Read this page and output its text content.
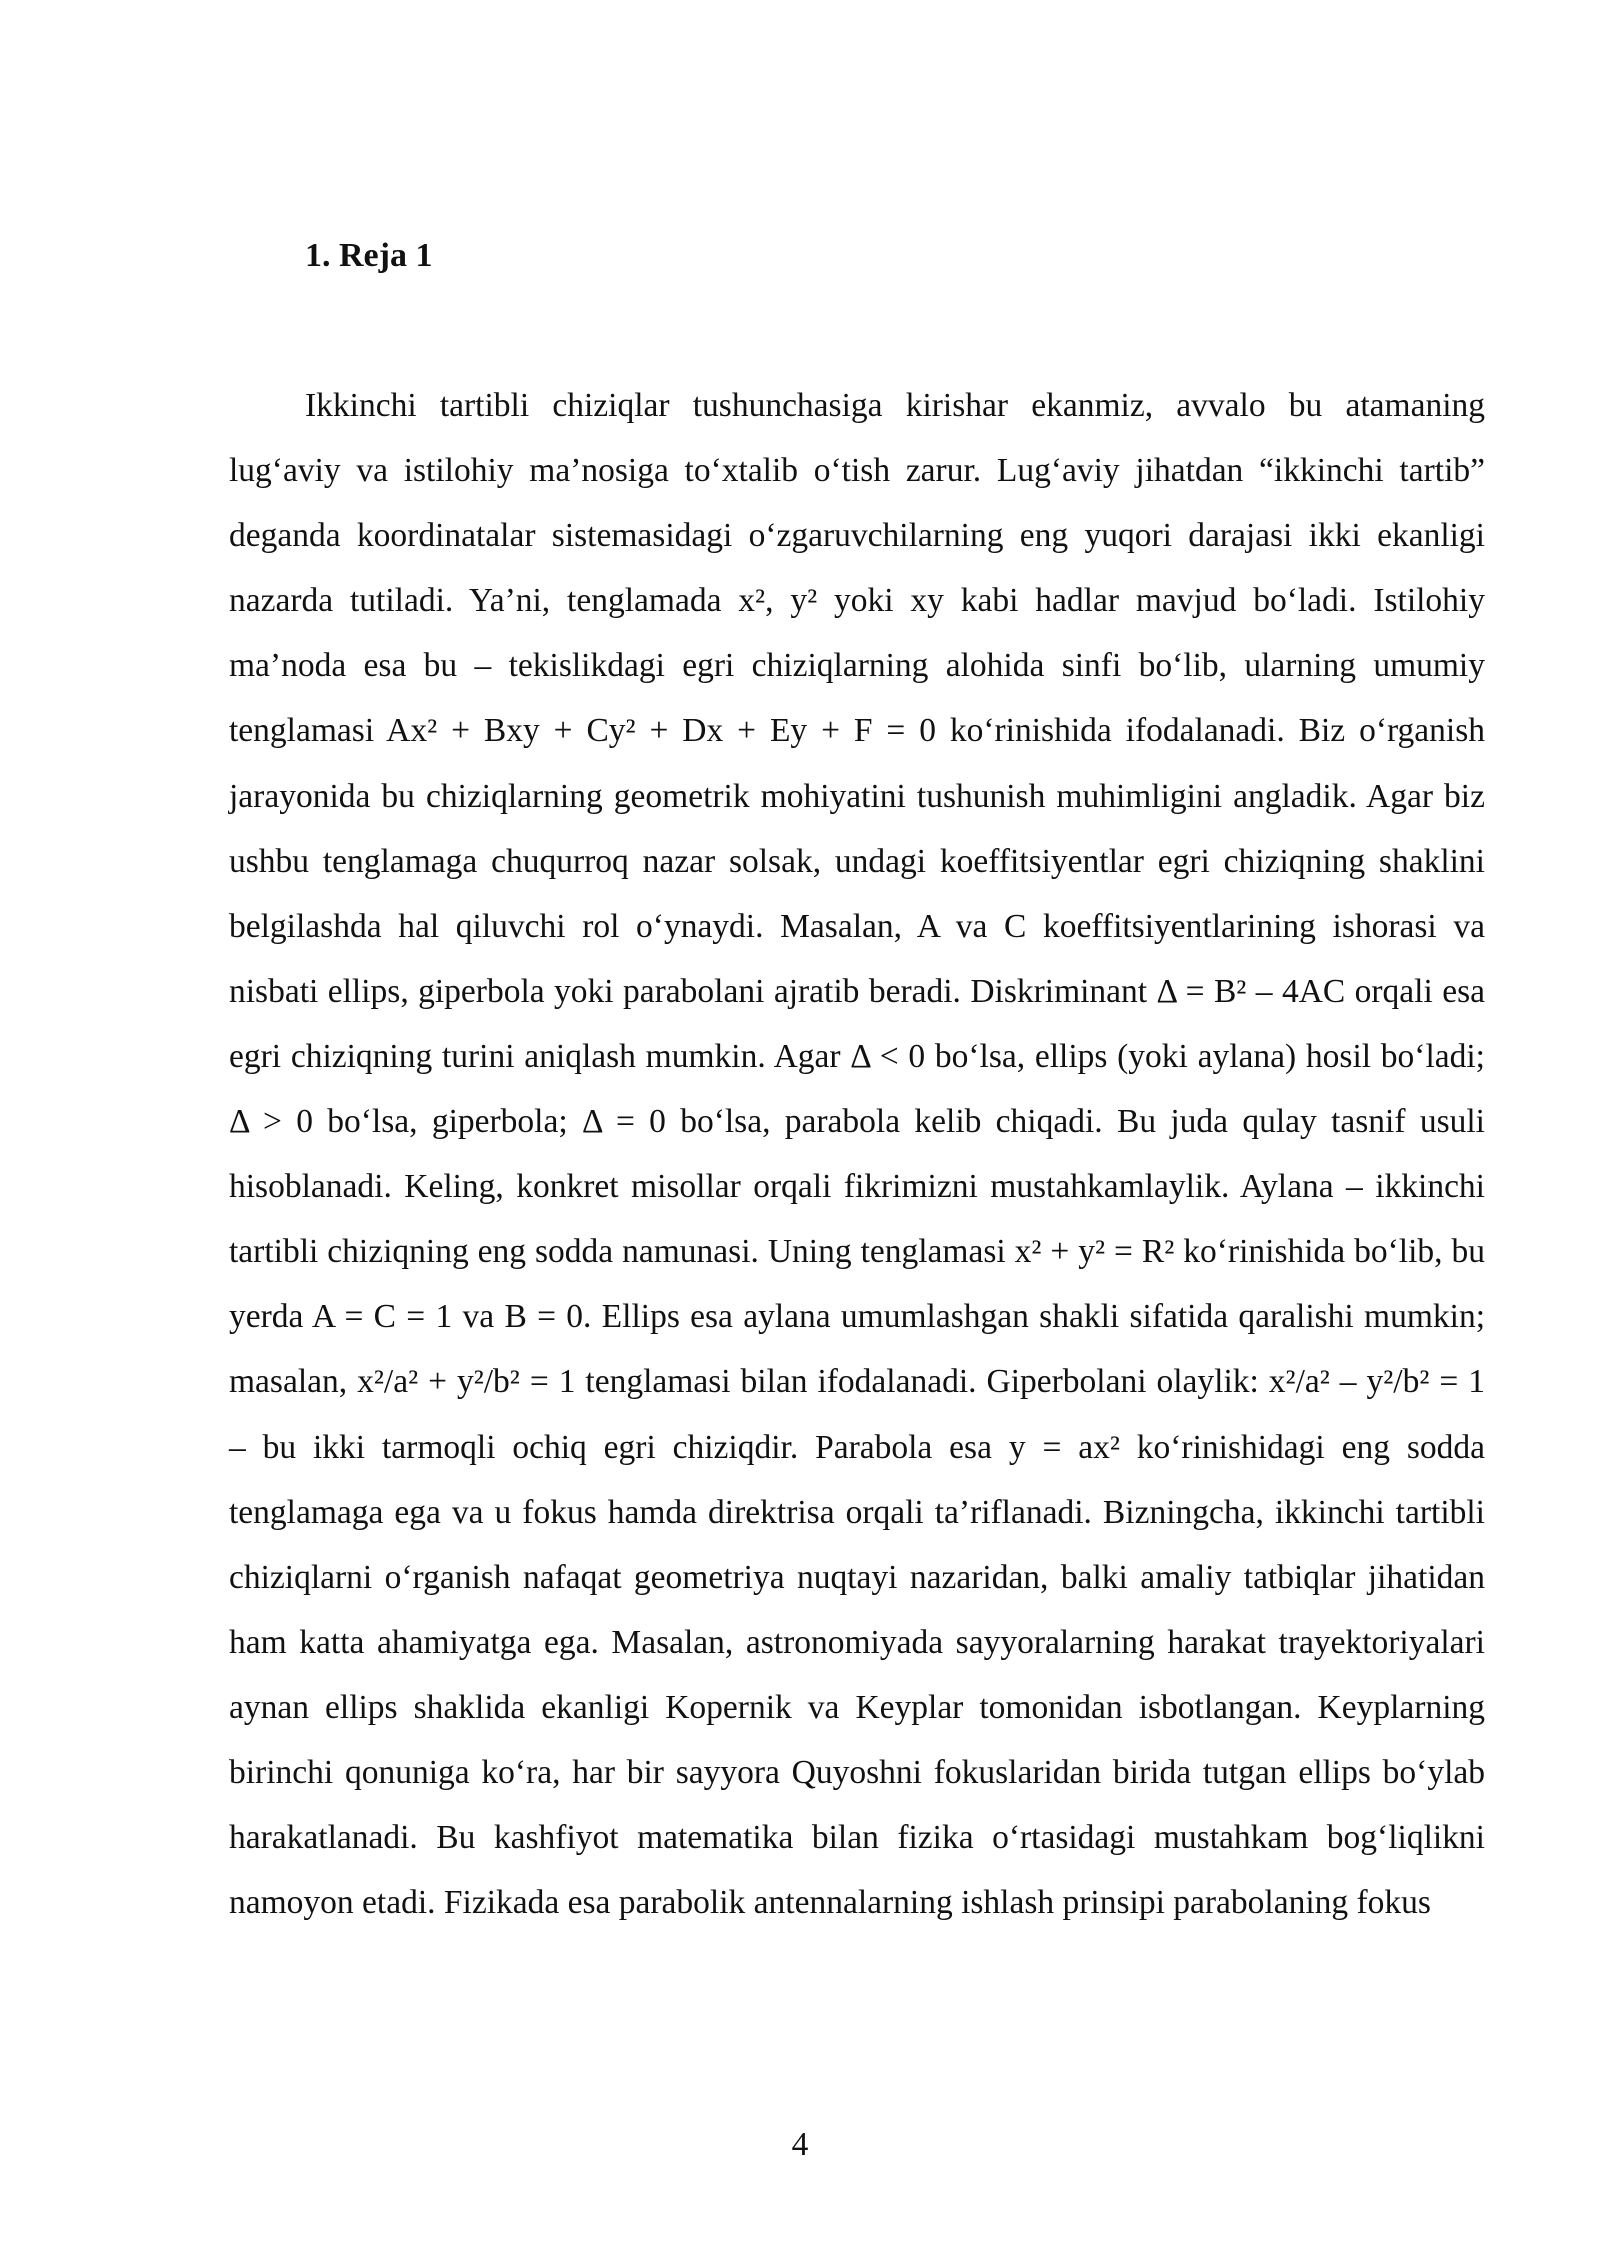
1. Reja 1

Ikkinchi tartibli chiziqlar tushunchasiga kirishar ekanmiz, avvalo bu atamaning lug‘aviy va istilohiy ma’nosiga to‘xtalib o‘tish zarur. Lug‘aviy jihatdan “ikkinchi tartib” deganda koordinatalar sistemasidagi o‘zgaruvchilarning eng yuqori darajasi ikki ekanligi nazarda tutiladi. Ya’ni, tenglamada x², y² yoki xy kabi hadlar mavjud bo‘ladi. Istilohiy ma’noda esa bu – tekislikdagi egri chiziqlarning alohida sinfi bo‘lib, ularning umumiy tenglamasi Ax² + Bxy + Cy² + Dx + Ey + F = 0 ko‘rinishida ifodalanadi. Biz o‘rganish jarayonida bu chiziqlarning geometrik mohiyatini tushunish muhimligini angladik. Agar biz ushbu tenglamaga chuqurroq nazar solsak, undagi koeffitsiyentlar egri chiziqning shaklini belgilashda hal qiluvchi rol o‘ynaydi. Masalan, A va C koeffitsiyentlarining ishorasi va nisbati ellips, giperbola yoki parabolani ajratib beradi. Diskriminant Δ = B² – 4AC orqali esa egri chiziqning turini aniqlash mumkin. Agar Δ < 0 bo‘lsa, ellips (yoki aylana) hosil bo‘ladi; Δ > 0 bo‘lsa, giperbola; Δ = 0 bo‘lsa, parabola kelib chiqadi. Bu juda qulay tasnif usuli hisoblanadi. Keling, konkret misollar orqali fikrimizni mustahkamlaylik. Aylana – ikkinchi tartibli chiziqning eng sodda namunasi. Uning tenglamasi x² + y² = R² ko‘rinishida bo‘lib, bu yerda A = C = 1 va B = 0. Ellips esa aylana umumlashgan shakli sifatida qaralishi mumkin; masalan, x²/a² + y²/b² = 1 tenglamasi bilan ifodalanadi. Giperbolani olaylik: x²/a² – y²/b² = 1 – bu ikki tarmoqli ochiq egri chiziqdir. Parabola esa y = ax² ko‘rinishidagi eng sodda tenglamaga ega va u fokus hamda direktrisa orqali ta’riflanadi. Bizningcha, ikkinchi tartibli chiziqlarni o‘rganish nafaqat geometriya nuqtayi nazaridan, balki amaliy tatbiqlar jihatidan ham katta ahamiyatga ega. Masalan, astronomiyada sayyoralarning harakat trayektoriyalari aynan ellips shaklida ekanligi Kopernik va Keyplar tomonidan isbotlangan. Keyplarning birinchi qonuniga ko‘ra, har bir sayyora Quyoshni fokuslaridan birida tutgan ellips bo‘ylab harakatlanadi. Bu kashfiyot matematika bilan fizika o‘rtasidagi mustahkam bog‘liqlikni namoyon etadi. Fizikada esa parabolik antennalarning ishlash prinsipi parabolaning fokus

4
